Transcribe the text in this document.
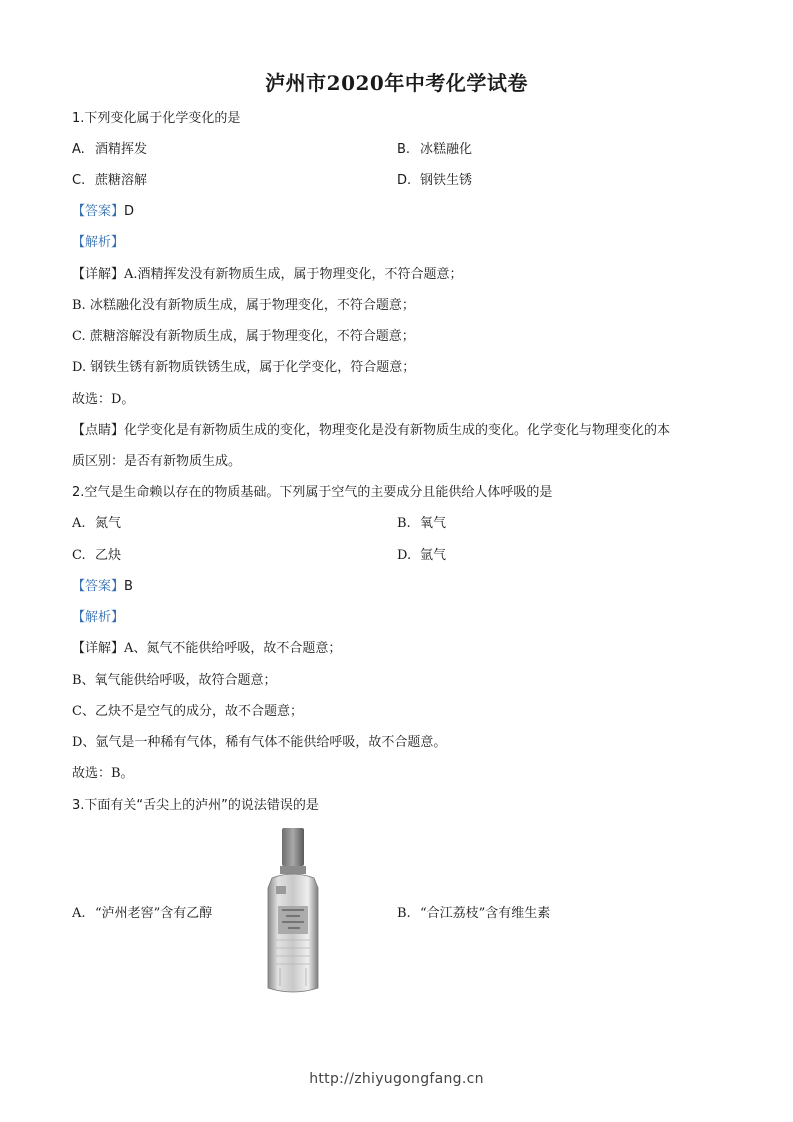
泸州市2020年中考化学试卷
1.下列变化属于化学变化的是
A. 酒精挥发	B. 冰糕融化
C. 蔗糖溶解	D. 钢铁生锈
【答案】D
【解析】
【详解】A.酒精挥发没有新物质生成，属于物理变化，不符合题意；
B. 冰糕融化没有新物质生成，属于物理变化，不符合题意；
C. 蔗糖溶解没有新物质生成，属于物理变化，不符合题意；
D. 钢铁生锈有新物质铁锈生成，属于化学变化，符合题意；
故选：D。
【点睛】化学变化是有新物质生成的变化，物理变化是没有新物质生成的变化。化学变化与物理变化的本
质区别：是否有新物质生成。
2.空气是生命赖以存在的物质基础。下列属于空气的主要成分且能供给人体呼吸的是
A. 氮气	B. 氧气
C. 乙炔	D. 氩气
【答案】B
【解析】
【详解】A、氮气不能供给呼吸，故不合题意；
B、氧气能供给呼吸，故符合题意；
C、乙炔不是空气的成分，故不合题意；
D、氩气是一种稀有气体，稀有气体不能供给呼吸，故不合题意。
故选：B。
3.下面有关“舌尖上的泸州”的说法错误的是
A. “泸州老窖”含有乙醇	B. “合江荔枝”含有维生素
http://zhiyugongfang.cn
